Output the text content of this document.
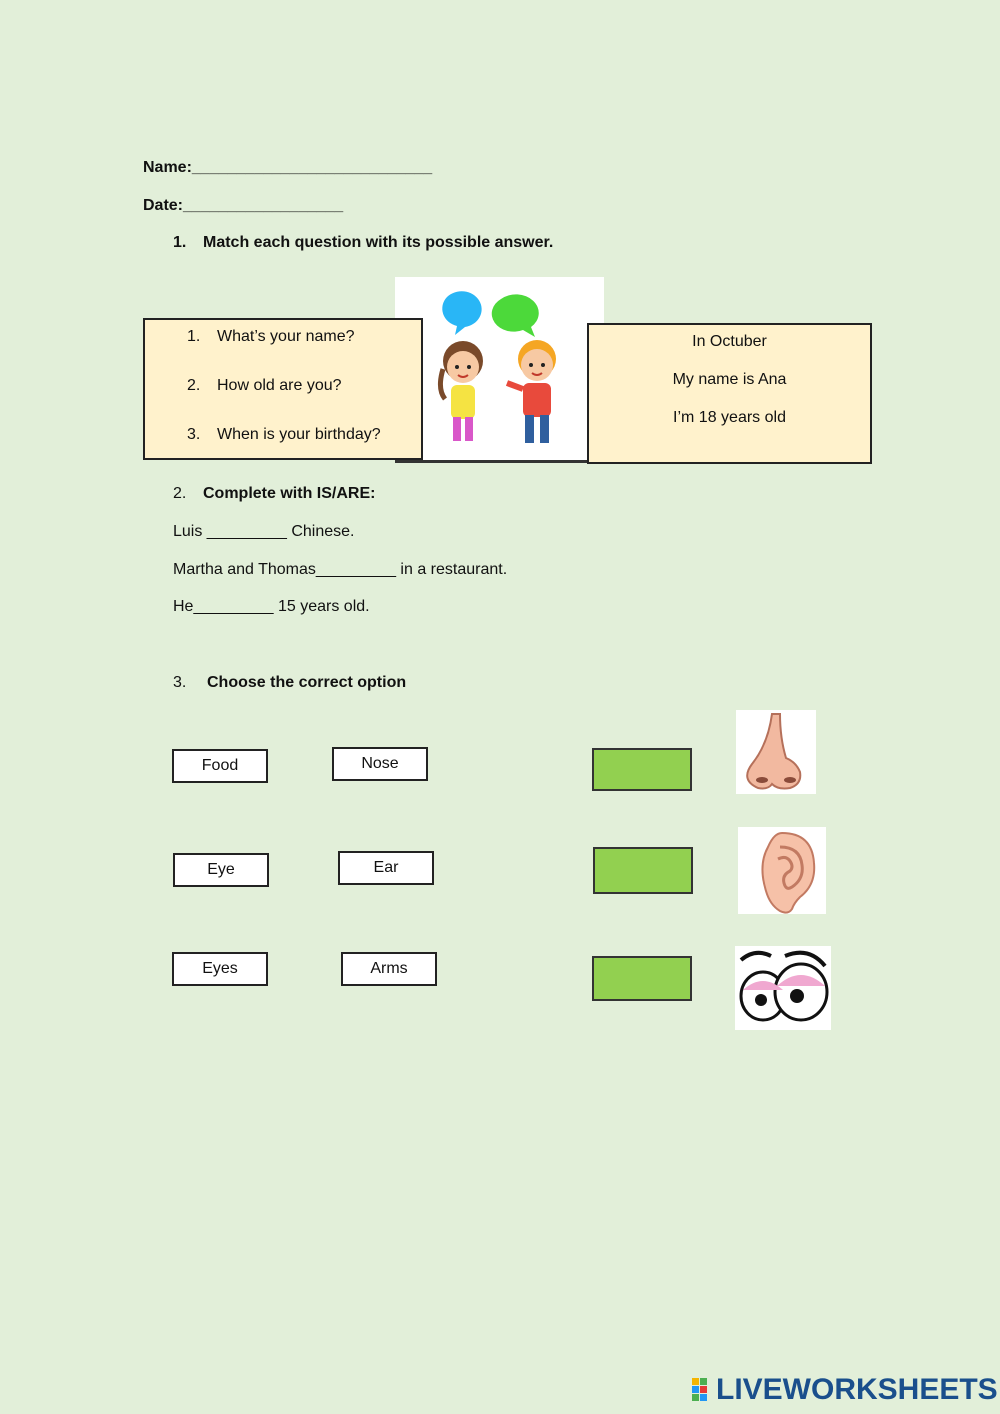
Name:___________________________
Date:__________________
1. Match each question with its possible answer.
1. What’s your name?
2. How old are you?
3. When is your birthday?
In Octuber
My name is Ana
I’m 18 years old
2. Complete with IS/ARE:
Luis _________ Chinese.
Martha and Thomas_________ in a restaurant.
He_________ 15 years old.
3. Choose the correct option
Food	Nose
Eye	Ear
Eyes	Arms
LIVEWORKSHEETS
